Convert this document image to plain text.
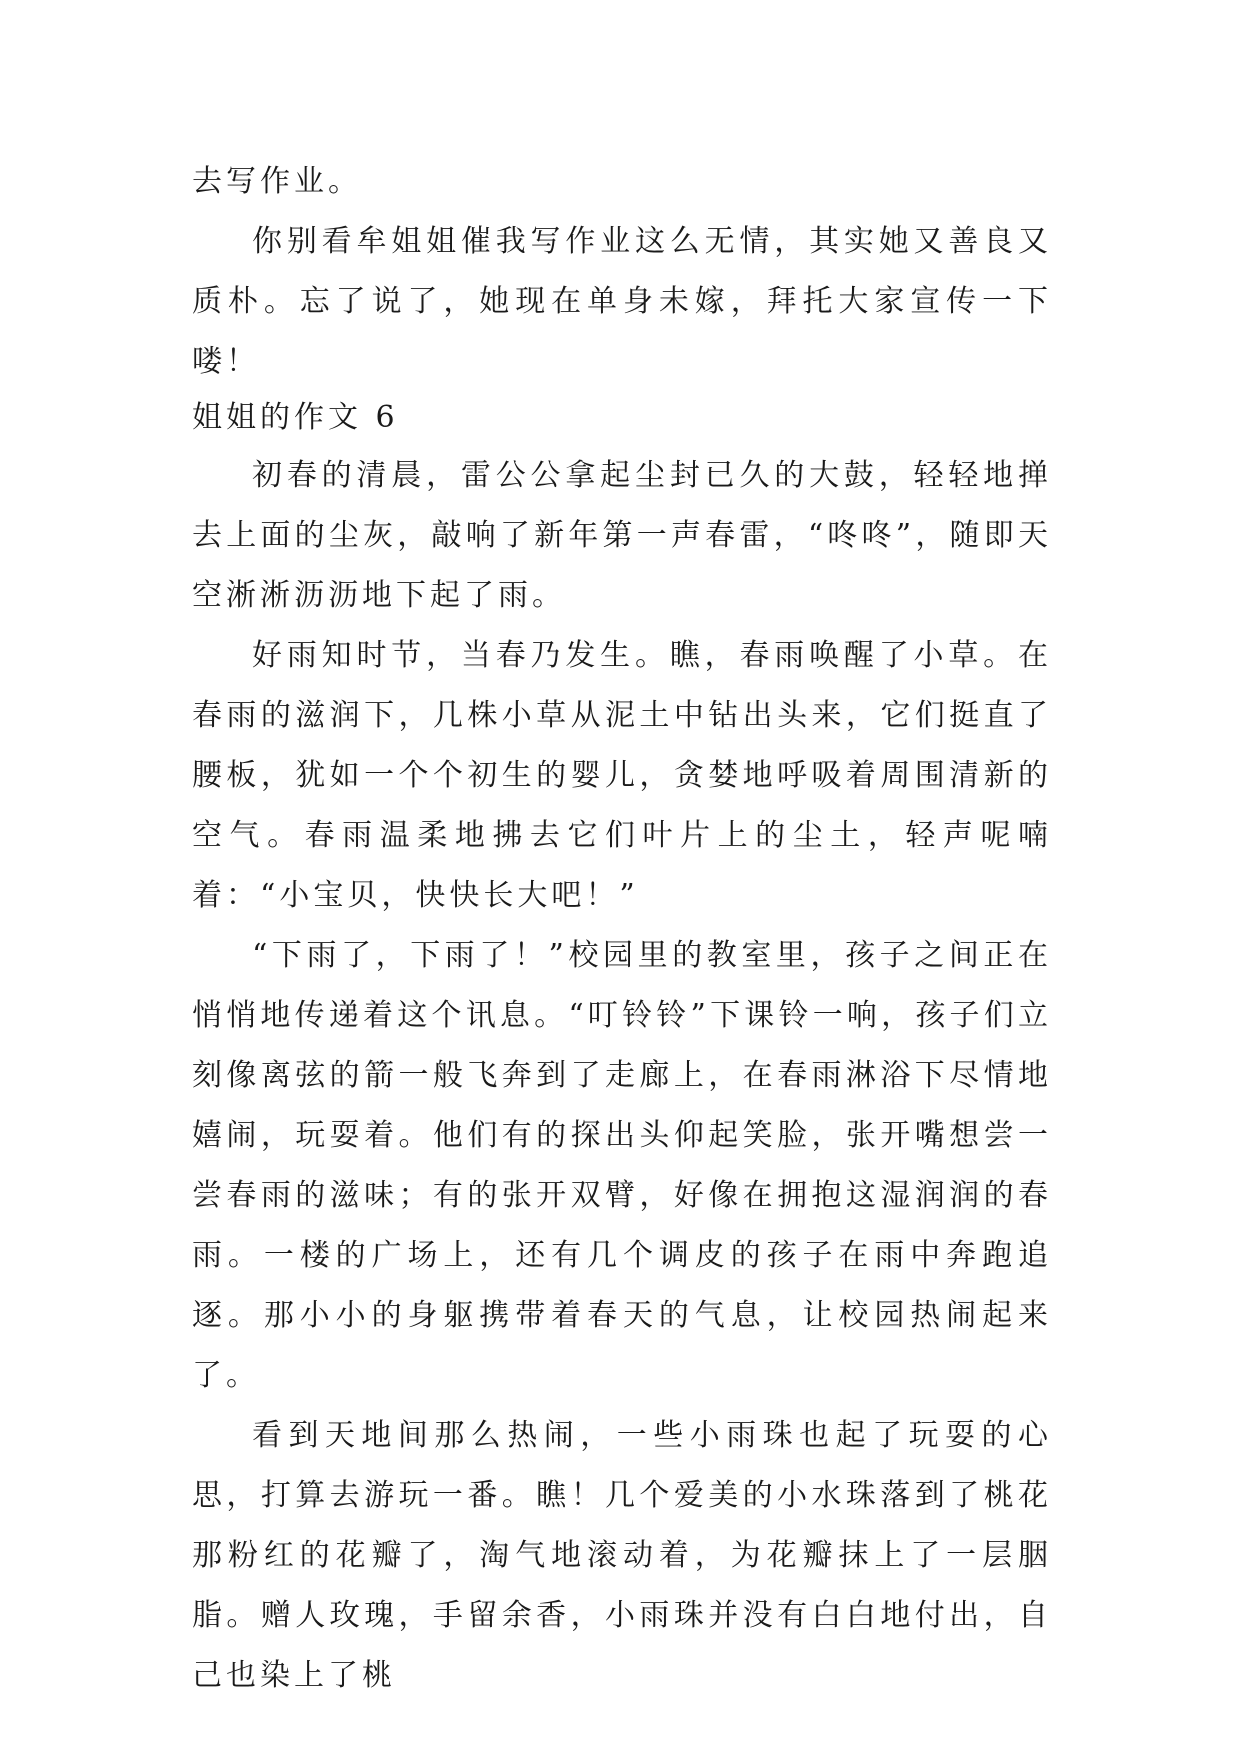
去写作业。

你别看牟姐姐催我写作业这么无情，其实她又善良又质朴。忘了说了，她现在单身未嫁，拜托大家宣传一下喽！

姐姐的作文 6

初春的清晨，雷公公拿起尘封已久的大鼓，轻轻地掸去上面的尘灰，敲响了新年第一声春雷，“咚咚”，随即天空淅淅沥沥地下起了雨。

好雨知时节，当春乃发生。瞧，春雨唤醒了小草。在春雨的滋润下，几株小草从泥土中钻出头来，它们挺直了腰板，犹如一个个初生的婴儿，贪婪地呼吸着周围清新的空气。春雨温柔地拂去它们叶片上的尘土，轻声呢喃着：“小宝贝，快快长大吧！”

“下雨了，下雨了！”校园里的教室里，孩子之间正在悄悄地传递着这个讯息。“叮铃铃”下课铃一响，孩子们立刻像离弦的箭一般飞奔到了走廊上，在春雨淋浴下尽情地嬉闹，玩耍着。他们有的探出头仰起笑脸，张开嘴想尝一尝春雨的滋味；有的张开双臂，好像在拥抱这湿润润的春雨。一楼的广场上，还有几个调皮的孩子在雨中奔跑追逐。那小小的身躯携带着春天的气息，让校园热闹起来了。

看到天地间那么热闹，一些小雨珠也起了玩耍的心思，打算去游玩一番。瞧！几个爱美的小水珠落到了桃花那粉红的花瓣了，淘气地滚动着，为花瓣抹上了一层胭脂。赠人玫瑰，手留余香，小雨珠并没有白白地付出，自己也染上了桃
